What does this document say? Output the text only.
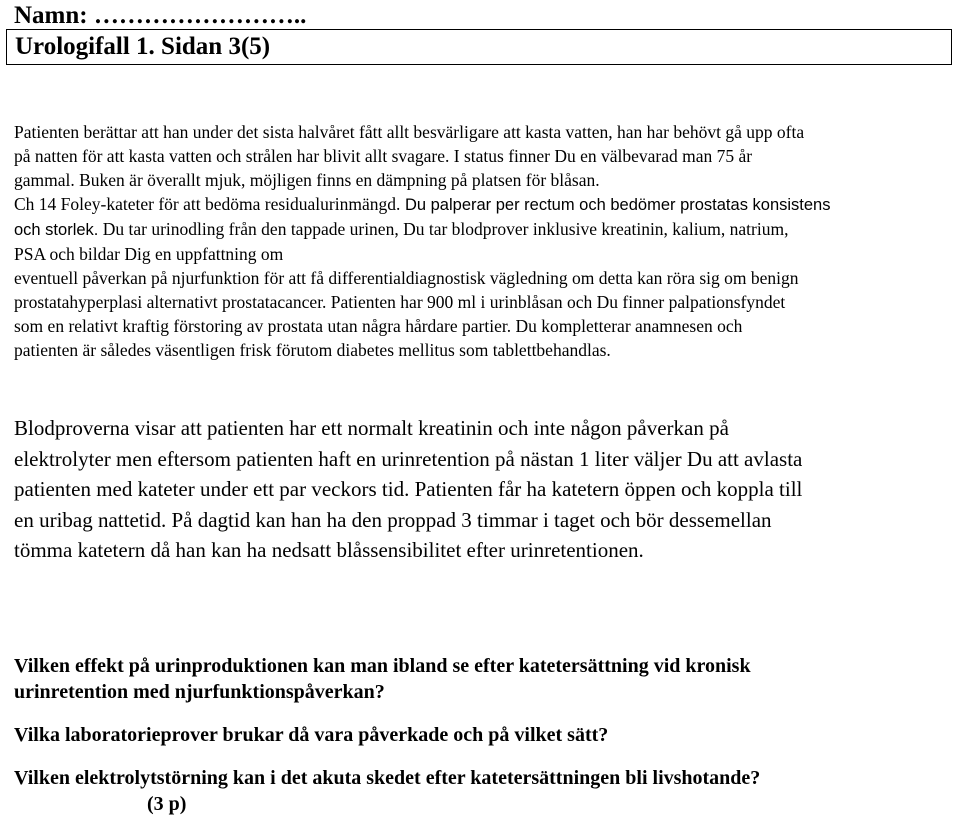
Namn: ……………………..
Urologifall 1. Sidan 3(5)

Patienten berättar att han under det sista halvåret fått allt besvärligare att kasta vatten, han har behövt gå upp ofta

på natten för att kasta vatten och strålen har blivit allt svagare. I status finner Du en välbevarad man 75 år

gammal. Buken är överallt mjuk, möjligen finns en dämpning på platsen för blåsan.

Ch 14 Foley-kateter för att bedöma residualurinmängd. Du palperar per rectum och bedömer prostatas konsistens

och storlek. Du tar urinodling från den tappade urinen, Du tar blodprover inklusive kreatinin, kalium, natrium,

PSA och bildar Dig en uppfattning om

eventuell påverkan på njurfunktion för att få differentialdiagnostisk vägledning om detta kan röra sig om benign

prostatahyperplasi alternativt prostatacancer. Patienten har 900 ml i urinblåsan och Du finner palpationsfyndet

som en relativt kraftig förstoring av prostata utan några hårdare partier. Du kompletterar anamnesen och

patienten är således väsentligen frisk förutom diabetes mellitus som tablettbehandlas.

Blodproverna visar att patienten har ett normalt kreatinin och inte någon påverkan på

elektrolyter men eftersom patienten haft en urinretention på nästan 1 liter väljer Du att avlasta

patienten med kateter under ett par veckors tid. Patienten får ha katetern öppen och koppla till

en uribag nattetid. På dagtid kan han ha den proppad 3 timmar i taget och bör dessemellan

tömma katetern då han kan ha nedsatt blåssensibilitet efter urinretentionen.

Vilken effekt på urinproduktionen kan man ibland se efter katetersättning vid kronisk

urinretention med njurfunktionspåverkan?

Vilka laboratorieprover brukar då vara påverkade och på vilket sätt?

Vilken elektrolytstörning kan i det akuta skedet efter katetersättningen bli livshotande?

(3 p)
